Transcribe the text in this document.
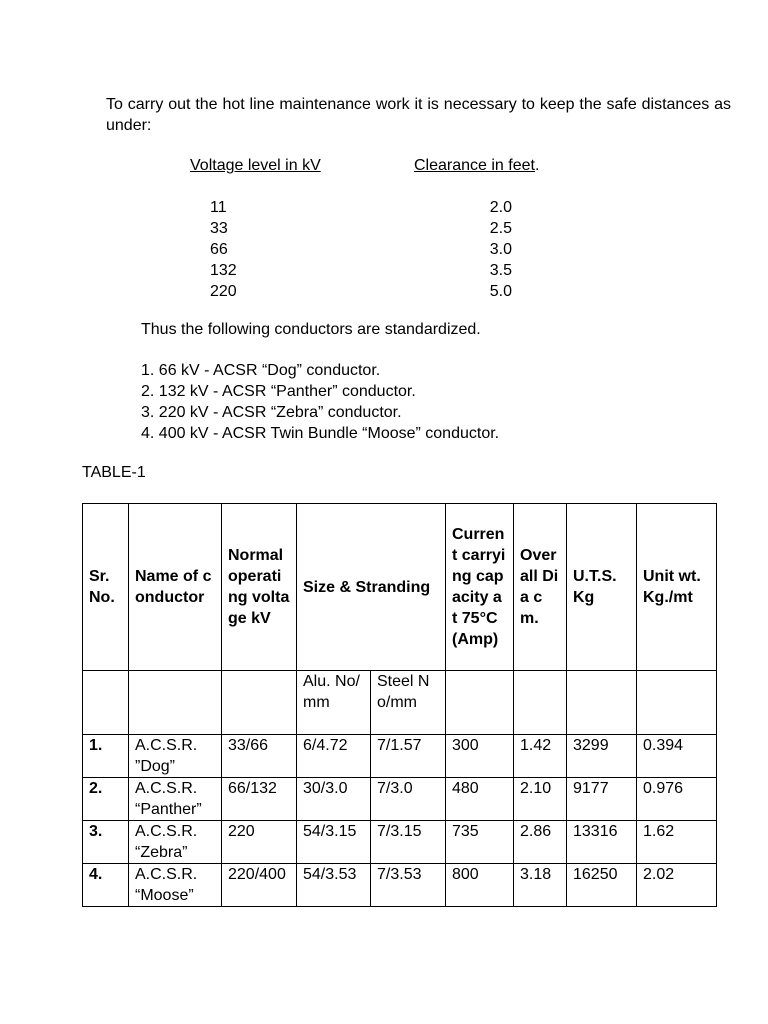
To carry out the hot line maintenance work it is necessary to keep the safe distances as under:
Voltage level in kV	Clearance in feet.
11	2.0
33	2.5
66	3.0
132	3.5
220	5.0
Thus the following conductors are standardized.
1. 66 kV - ACSR “Dog” conductor.
2. 132 kV - ACSR “Panther” conductor.
3. 220 kV - ACSR “Zebra” conductor.
4. 400 kV - ACSR Twin Bundle “Moose” conductor.
TABLE-1
Sr. No.	Name of conductor	Normal operating voltage kV	Size & Stranding		Current carrying capacity at 75°C (Amp)	Over all Dia cm.	U.T.S. Kg	Unit wt. Kg./mt
			Alu. No/ mm	Steel No/mm				
1.	A.C.S.R. ”Dog”	33/66	6/4.72	7/1.57	300	1.42	3299	0.394
2.	A.C.S.R. “Panther”	66/132	30/3.0	7/3.0	480	2.10	9177	0.976
3.	A.C.S.R. “Zebra”	220	54/3.15	7/3.15	735	2.86	13316	1.62
4.	A.C.S.R. “Moose”	220/400	54/3.53	7/3.53	800	3.18	16250	2.02
